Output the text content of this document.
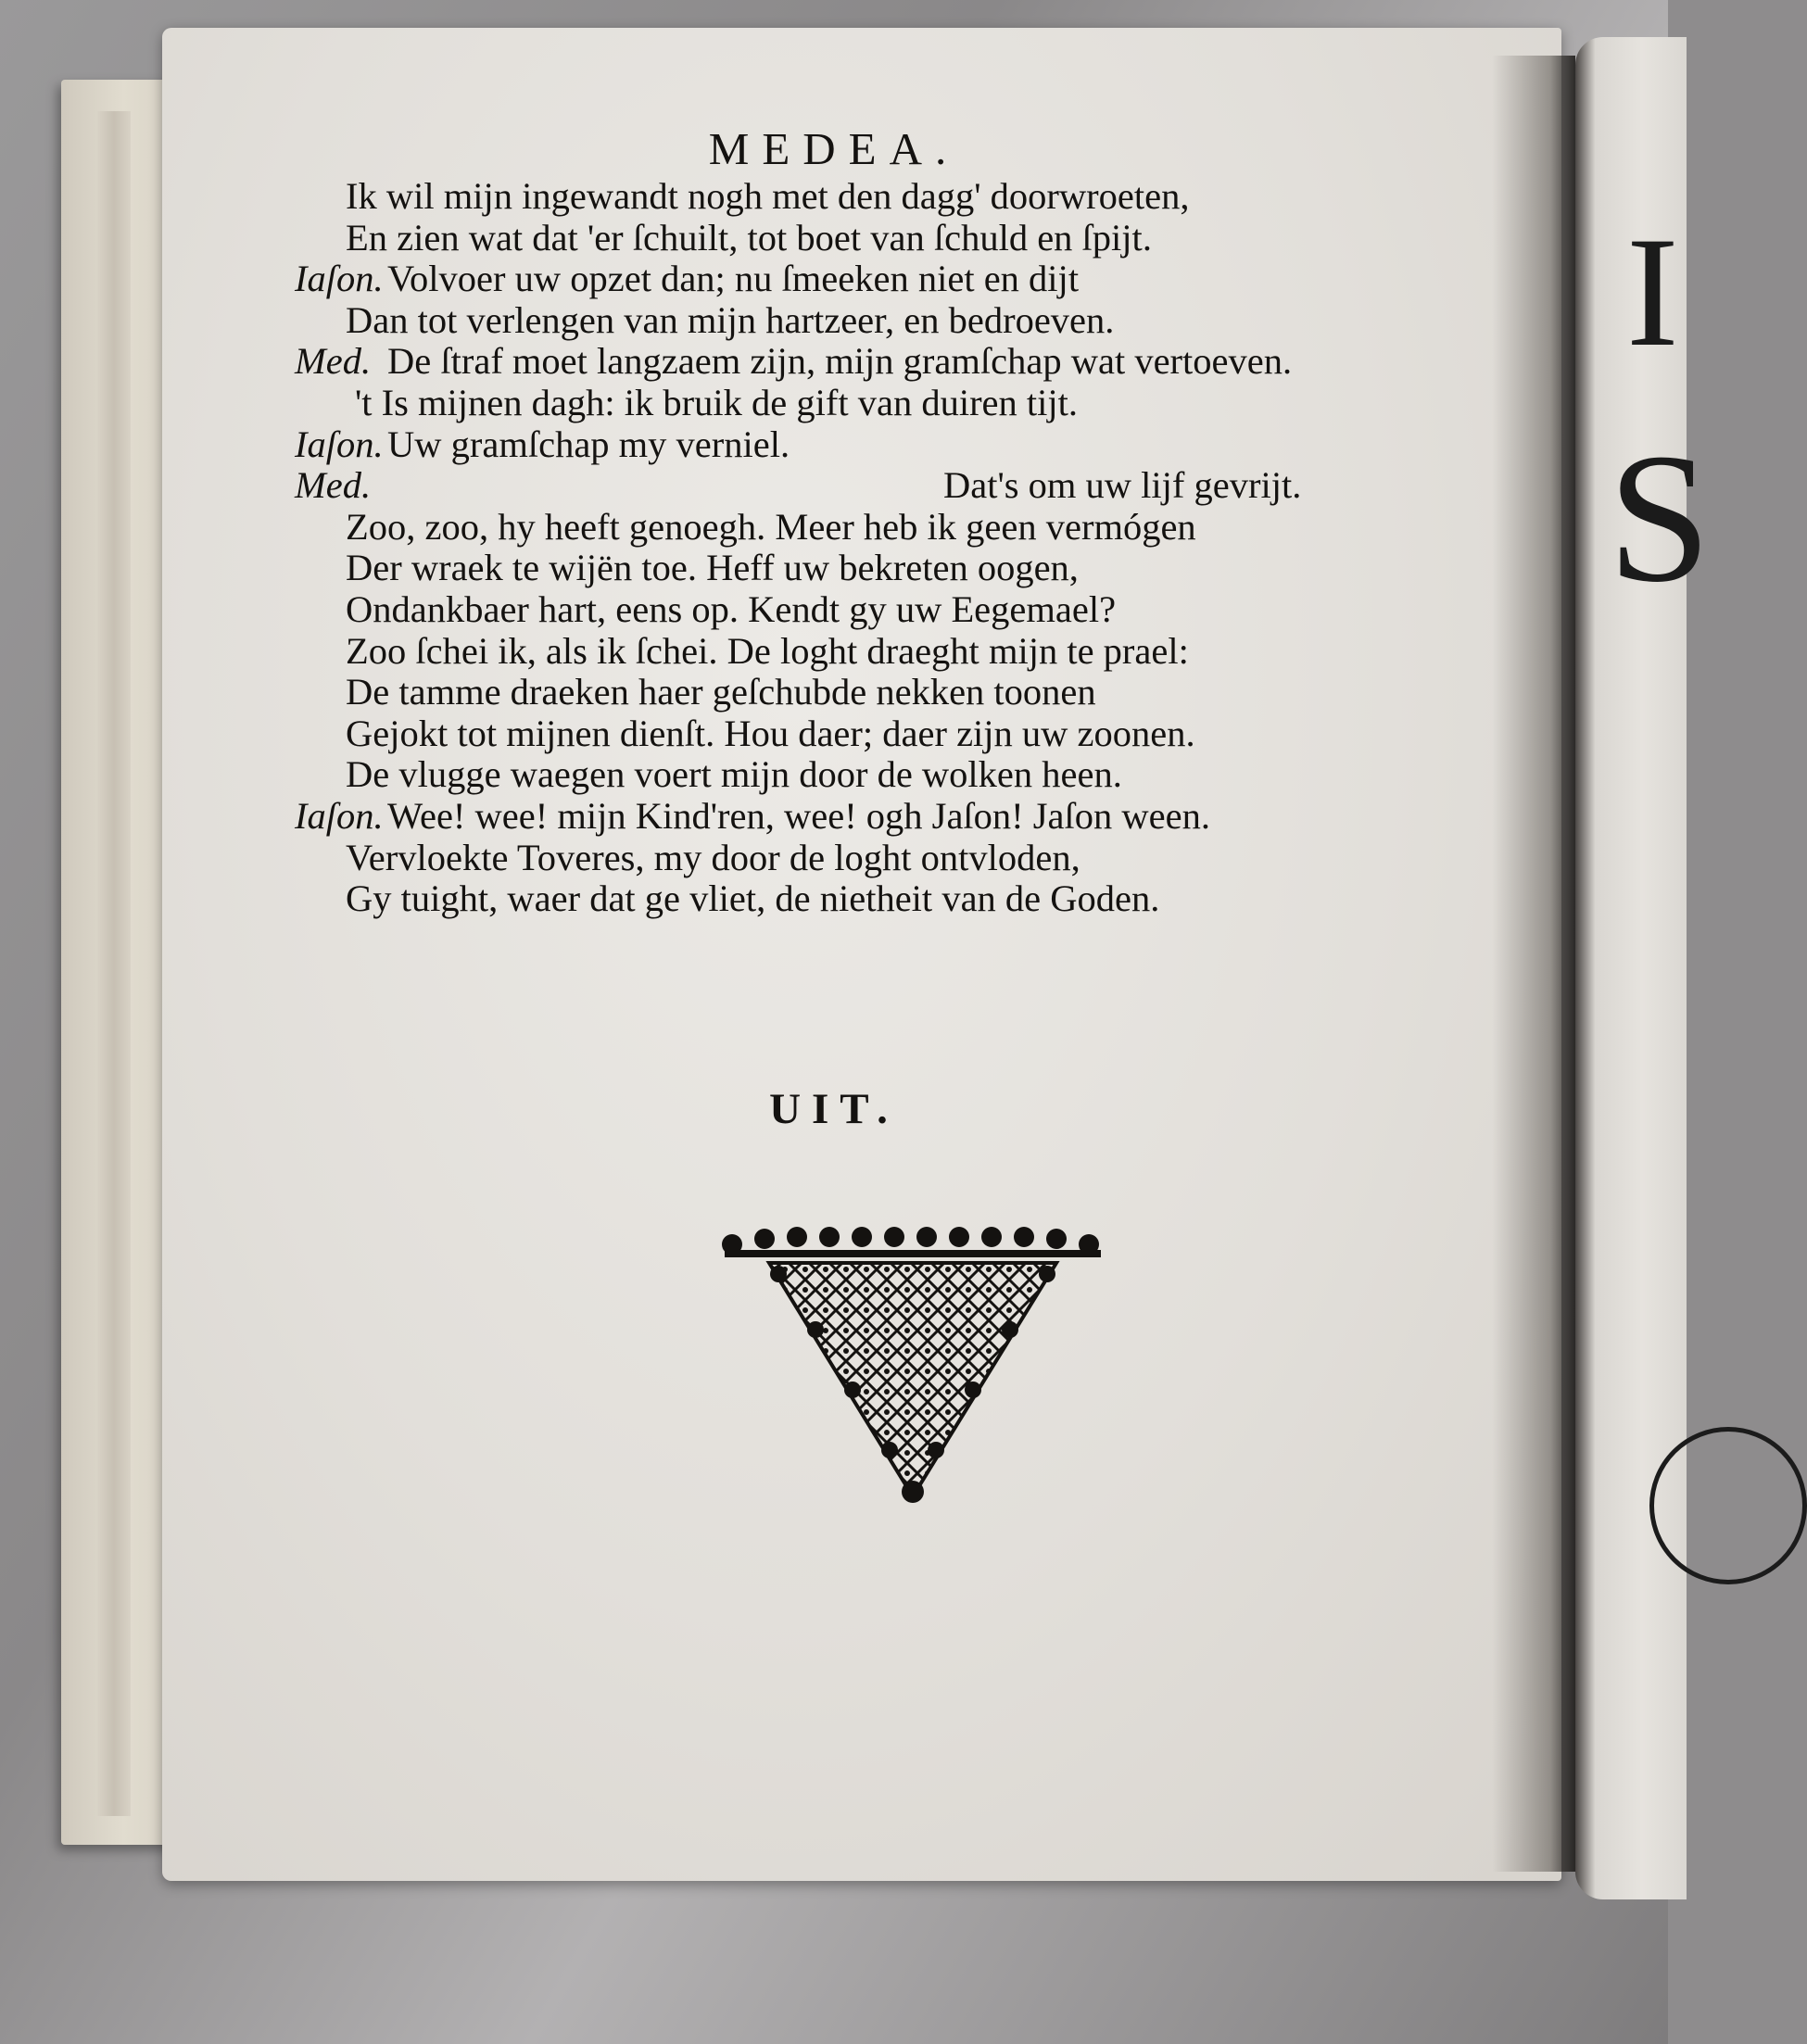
I
S
MEDEA.
Ik wil mijn ingewandt nogh met den dagg' doorwroeten,
En zien wat dat 'er ſchuilt, tot boet van ſchuld en ſpijt.
Iaſon. Volvoer uw opzet dan; nu ſmeeken niet en dijt
Dan tot verlengen van mijn hartzeer, en bedroeven.
Med. De ſtraf moet langzaem zijn, mijn gramſchap wat vertoeven.
't Is mijnen dagh: ik bruik de gift van duiren tijt.
Iaſon. Uw gramſchap my verniel.
Med.	Dat's om uw lijf gevrijt.
Zoo, zoo, hy heeft genoegh. Meer heb ik geen vermógen
Der wraek te wijën toe. Heff uw bekreten oogen,
Ondankbaer hart, eens op. Kendt gy uw Eegemael?
Zoo ſchei ik, als ik ſchei. De loght draeght mijn te prael:
De tamme draeken haer geſchubde nekken toonen
Gejokt tot mijnen dienſt. Hou daer; daer zijn uw zoonen.
De vlugge waegen voert mijn door de wolken heen.
Iaſon. Wee! wee! mijn Kind'ren, wee! ogh Jaſon! Jaſon ween.
Vervloekte Toveres, my door de loght ontvloden,
Gy tuight, waer dat ge vliet, de nietheit van de Goden.
UIT.
